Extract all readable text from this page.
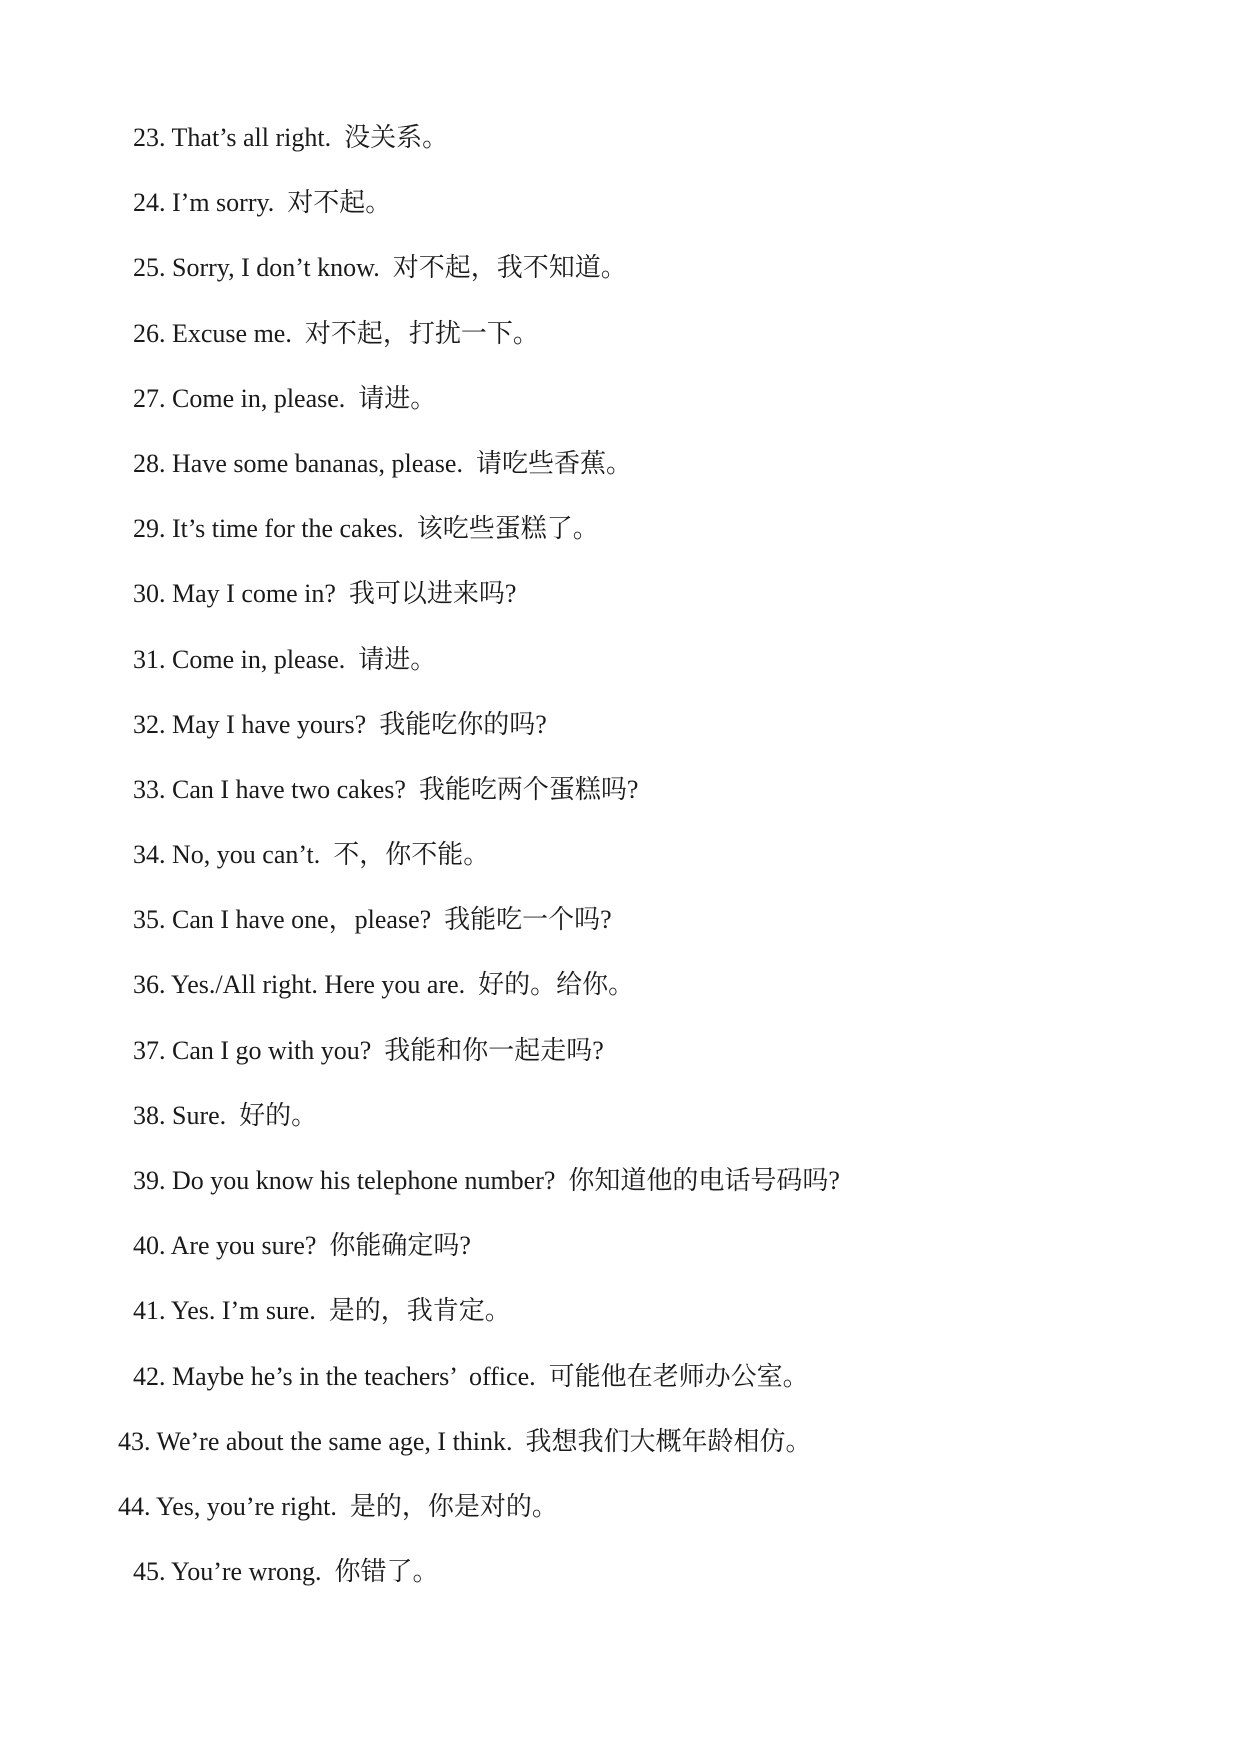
23. That’s all right.  没关系。
24. I’m sorry.  对不起。
25. Sorry, I don’t know.  对不起，我不知道。
26. Excuse me.  对不起，打扰一下。
27. Come in, please.  请进。
28. Have some bananas, please.  请吃些香蕉。
29. It’s time for the cakes.  该吃些蛋糕了。
30. May I come in?  我可以进来吗?
31. Come in, please.  请进。
32. May I have yours?  我能吃你的吗?
33. Can I have two cakes?  我能吃两个蛋糕吗?
34. No, you can’t.  不，你不能。
35. Can I have one，please?  我能吃一个吗?
36. Yes./All right. Here you are.  好的。给你。
37. Can I go with you?  我能和你一起走吗?
38. Sure.  好的。
39. Do you know his telephone number?  你知道他的电话号码吗?
40. Are you sure?  你能确定吗?
41. Yes. I’m sure.  是的，我肯定。
42. Maybe he’s in the teachers’  office.  可能他在老师办公室。
43. We’re about the same age, I think.  我想我们大概年龄相仿。
44. Yes, you’re right.  是的，你是对的。
45. You’re wrong.  你错了。
